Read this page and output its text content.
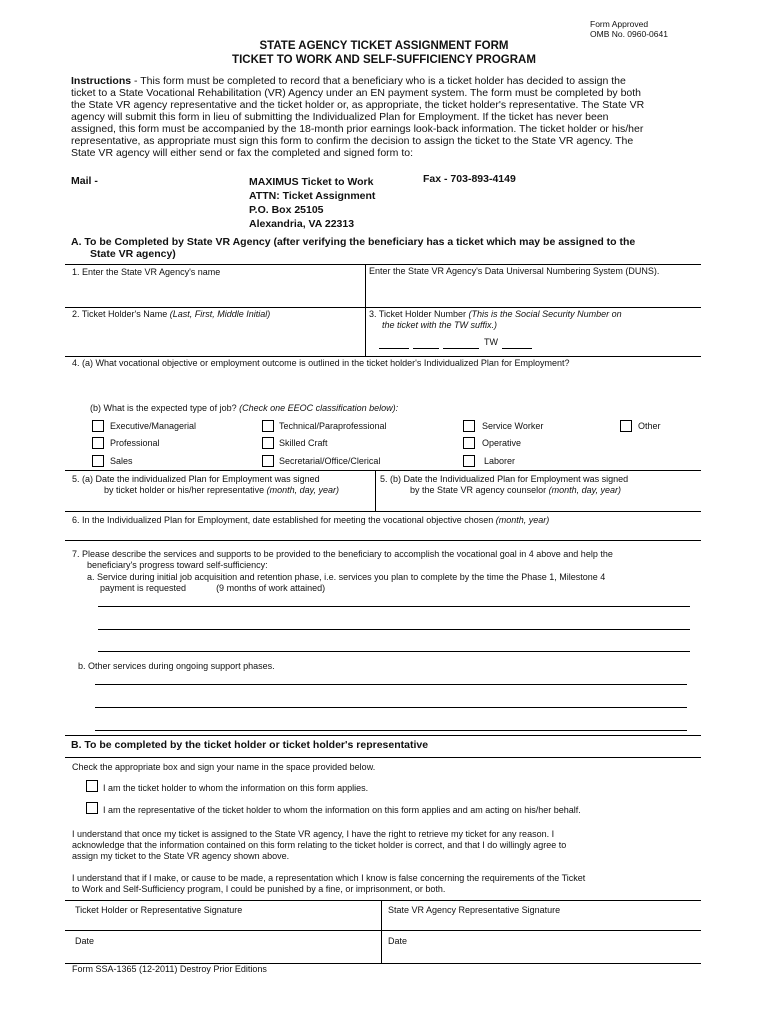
Form Approved
OMB No. 0960-0641
STATE AGENCY TICKET ASSIGNMENT FORM
TICKET TO WORK AND SELF-SUFFICIENCY PROGRAM
Instructions - This form must be completed to record that a beneficiary who is a ticket holder has decided to assign the
ticket to a State Vocational Rehabilitation (VR) Agency under an EN payment system. The form must be completed by both
the State VR agency representative and the ticket holder or, as appropriate, the ticket holder's representative. The State VR
agency will submit this form in lieu of submitting the Individualized Plan for Employment. If the ticket has never been
assigned, this form must be accompanied by the 18-month prior earnings look-back information. The ticket holder or his/her
representative, as appropriate must sign this form to confirm the decision to assign the ticket to the State VR agency. The
State VR agency will either send or fax the completed and signed form to:
Mail -	MAXIMUS Ticket to Work
ATTN: Ticket Assignment
P.O. Box 25105
Alexandria, VA 22313
Fax - 703-893-4149
A. To be Completed by State VR Agency (after verifying the beneficiary has a ticket which may be assigned to the
State VR agency)
1. Enter the State VR Agency's name	Enter the State VR Agency's Data Universal Numbering System (DUNS).
2. Ticket Holder's Name (Last, First, Middle Initial)	3. Ticket Holder Number (This is the Social Security Number on
the ticket with the TW suffix.)
TW
4. (a) What vocational objective or employment outcome is outlined in the ticket holder's Individualized Plan for Employment?
(b) What is the expected type of job? (Check one EEOC classification below):
Executive/Managerial
Professional
Sales
Technical/Paraprofessional
Skilled Craft
Secretarial/Office/Clerical
Service Worker
Operative
Laborer
Other
5. (a) Date the individualized Plan for Employment was signed
by ticket holder or his/her representative (month, day, year)
5. (b) Date the Individualized Plan for Employment was signed
by the State VR agency counselor (month, day, year)
6. In the Individualized Plan for Employment, date established for meeting the vocational objective chosen (month, year)
7. Please describe the services and supports to be provided to the beneficiary to accomplish the vocational goal in 4 above and help the
beneficiary's progress toward self-sufficiency:
a. Service during initial job acquisition and retention phase, i.e. services you plan to complete by the time the Phase 1, Milestone 4
payment is requested	(9 months of work attained)
b. Other services during ongoing support phases.
B. To be completed by the ticket holder or ticket holder's representative
Check the appropriate box and sign your name in the space provided below.
I am the ticket holder to whom the information on this form applies.
I am the representative of the ticket holder to whom the information on this form applies and am acting on his/her behalf.
I understand that once my ticket is assigned to the State VR agency, I have the right to retrieve my ticket for any reason. I
acknowledge that the information contained on this form relating to the ticket holder is correct, and that I do willingly agree to
assign my ticket to the State VR agency shown above.
I understand that if I make, or cause to be made, a representation which I know is false concerning the requirements of the Ticket
to Work and Self-Sufficiency program, I could be punished by a fine, or imprisonment, or both.
Ticket Holder or Representative Signature	State VR Agency Representative Signature
Date	Date
Form SSA-1365 (12-2011) Destroy Prior Editions
